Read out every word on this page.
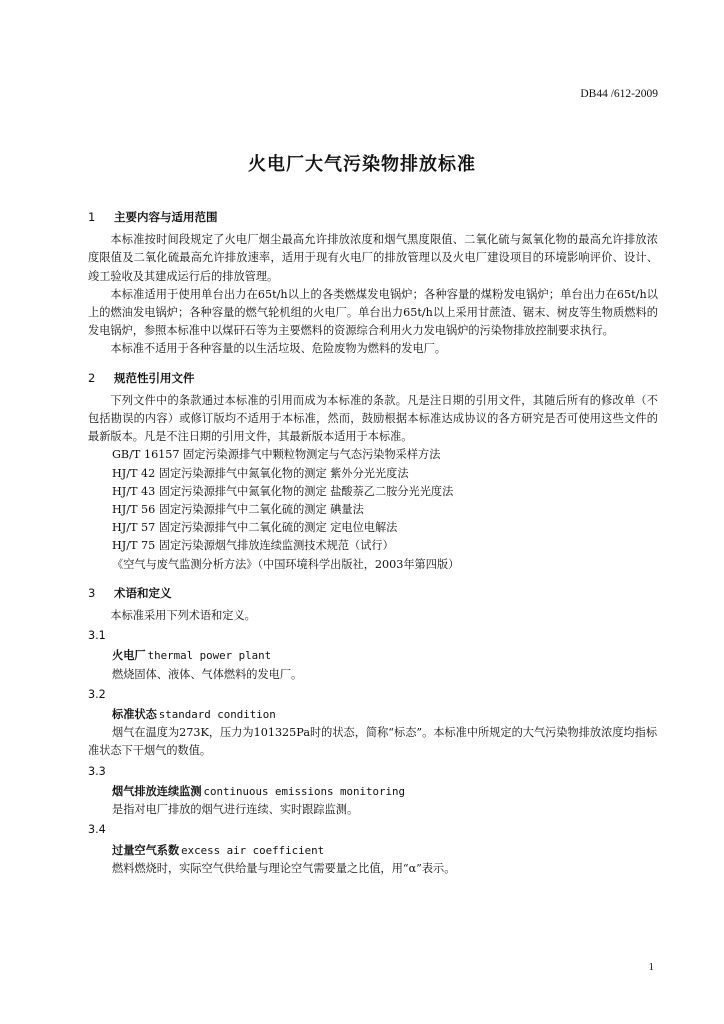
DB44 /612-2009
火电厂大气污染物排放标准
1 主要内容与适用范围

本标准按时间段规定了火电厂烟尘最高允许排放浓度和烟气黑度限值、二氧化硫与氮氧化物的最高允许排放浓度限值及二氧化硫最高允许排放速率，适用于现有火电厂的排放管理以及火电厂建设项目的环境影响评价、设计、竣工验收及其建成运行后的排放管理。

本标准适用于使用单台出力在65t/h以上的各类燃煤发电锅炉；各种容量的煤粉发电锅炉；单台出力在65t/h以上的燃油发电锅炉；各种容量的燃气轮机组的火电厂。单台出力65t/h以上采用甘蔗渣、锯末、树皮等生物质燃料的发电锅炉，参照本标准中以煤矸石等为主要燃料的资源综合利用火力发电锅炉的污染物排放控制要求执行。

本标准不适用于各种容量的以生活垃圾、危险废物为燃料的发电厂。

2 规范性引用文件

下列文件中的条款通过本标准的引用而成为本标准的条款。凡是注日期的引用文件，其随后所有的修改单（不包括勘误的内容）或修订版均不适用于本标准，然而，鼓励根据本标准达成协议的各方研究是否可使用这些文件的最新版本。凡是不注日期的引用文件，其最新版本适用于本标准。

GB/T 16157 固定污染源排气中颗粒物测定与气态污染物采样方法
HJ/T 42 固定污染源排气中氮氧化物的测定 紫外分光光度法
HJ/T 43 固定污染源排气中氮氧化物的测定 盐酸萘乙二胺分光光度法
HJ/T 56 固定污染源排气中二氧化硫的测定 碘量法
HJ/T 57 固定污染源排气中二氧化硫的测定 定电位电解法
HJ/T 75 固定污染源烟气排放连续监测技术规范（试行）
《空气与废气监测分析方法》（中国环境科学出版社，2003年第四版）
3 术语和定义

本标准采用下列术语和定义。

3.1
火电厂 thermal power plant
燃烧固体、液体、气体燃料的发电厂。
3.2
标准状态 standard condition
烟气在温度为273K，压力为101325Pa时的状态，简称“标态”。本标准中所规定的大气污染物排放浓度均指标准状态下干烟气的数值。
3.3
烟气排放连续监测 continuous emissions monitoring
是指对电厂排放的烟气进行连续、实时跟踪监测。
3.4
过量空气系数 excess air coefficient
燃料燃烧时，实际空气供给量与理论空气需要量之比值，用“α”表示。
1
